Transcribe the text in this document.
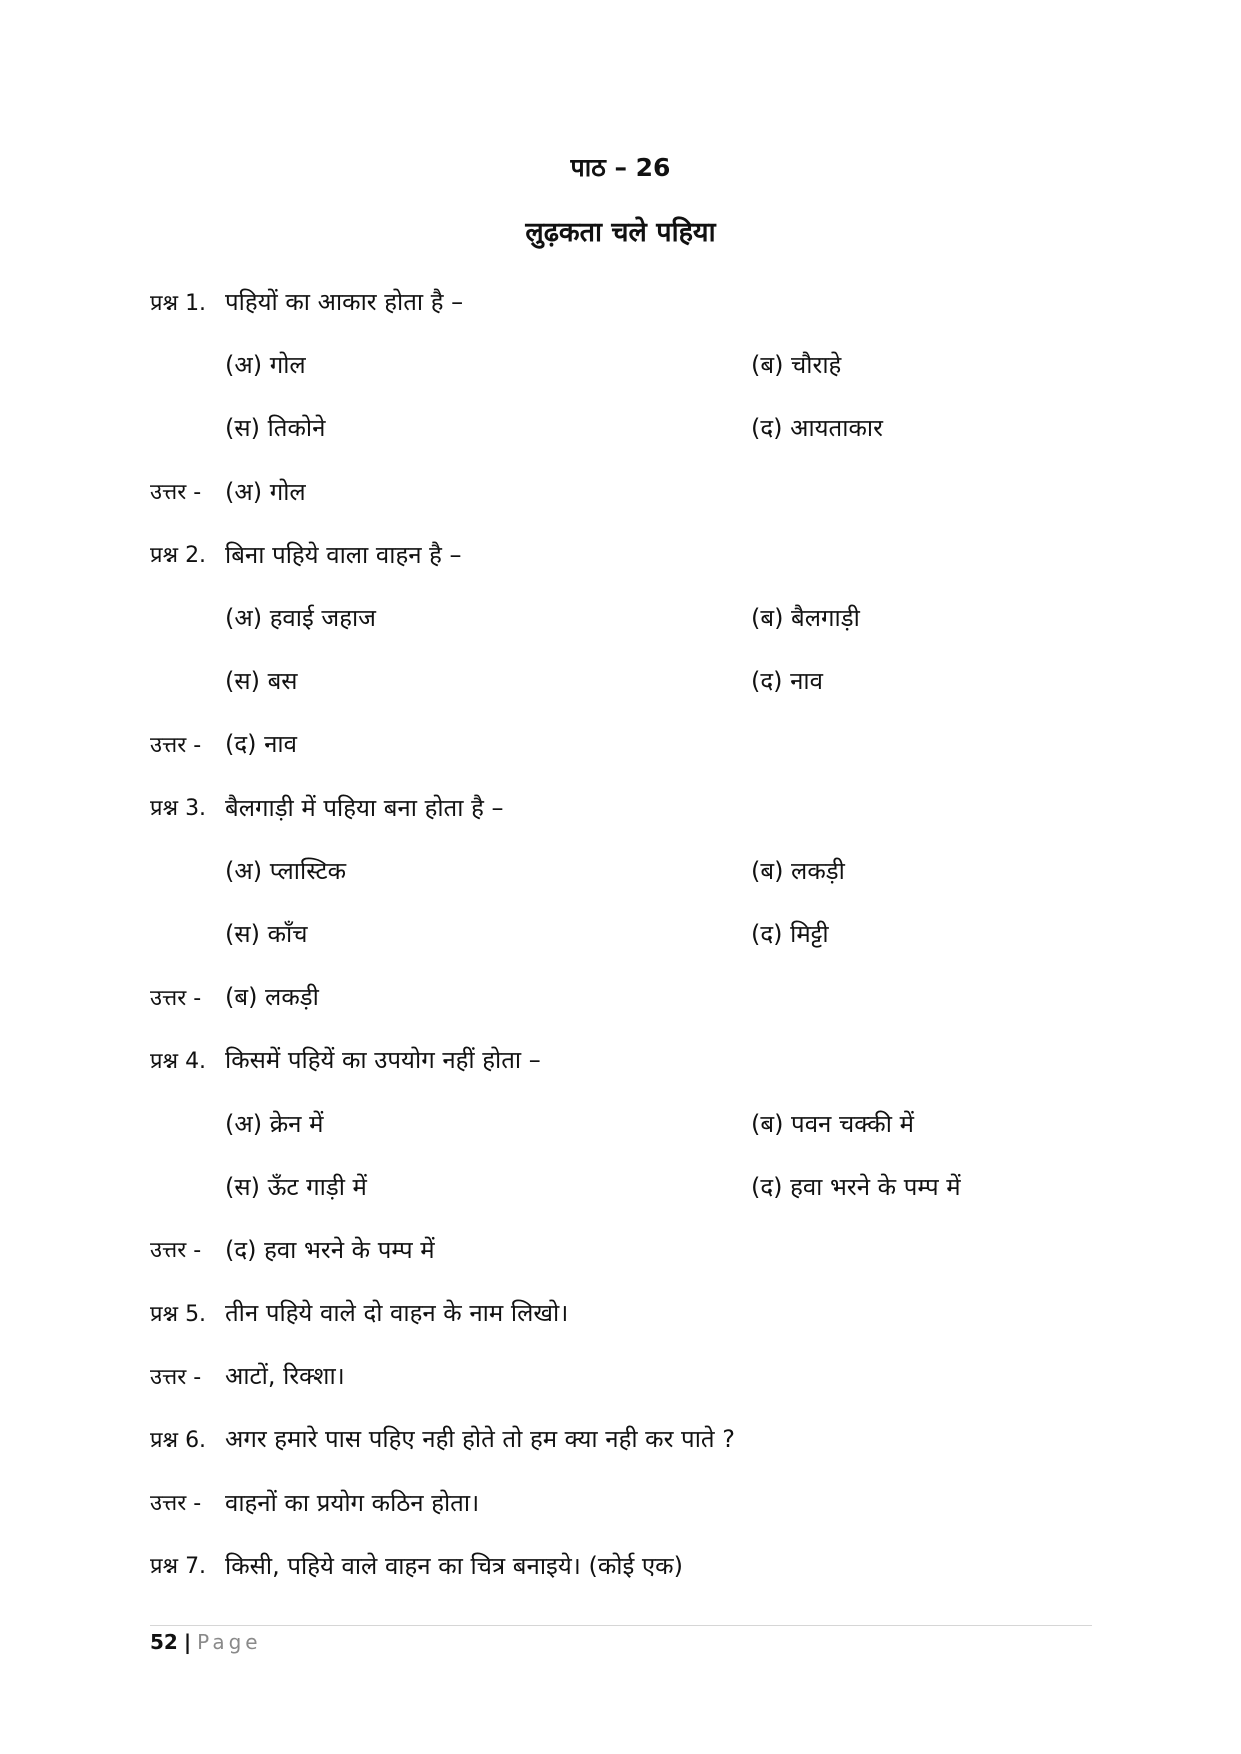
पाठ – 26
लुढ़कता चले पहिया
प्रश्न 1. पहियों का आकार होता है –
(अ) गोल	(ब) चौराहे
(स) तिकोने	(द) आयताकार
उत्तर - (अ) गोल
प्रश्न 2. बिना पहिये वाला वाहन है –
(अ) हवाई जहाज	(ब) बैलगाड़ी
(स) बस	(द) नाव
उत्तर - (द) नाव
प्रश्न 3. बैलगाड़ी में पहिया बना होता है –
(अ) प्लास्टिक	(ब) लकड़ी
(स) काँच	(द) मिट्टी
उत्तर - (ब) लकड़ी
प्रश्न 4. किसमें पहियें का उपयोग नहीं होता –
(अ) क्रेन में	(ब) पवन चक्की में
(स) ऊँट गाड़ी में	(द) हवा भरने के पम्प में
उत्तर - (द) हवा भरने के पम्प में
प्रश्न 5. तीन पहिये वाले दो वाहन के नाम लिखो।
उत्तर - आटों, रिक्शा।
प्रश्न 6. अगर हमारे पास पहिए नही होते तो हम क्या नही कर पाते ?
उत्तर - वाहनों का प्रयोग कठिन होता।
प्रश्न 7. किसी, पहिये वाले वाहन का चित्र बनाइये। (कोई एक)
52 | Page
